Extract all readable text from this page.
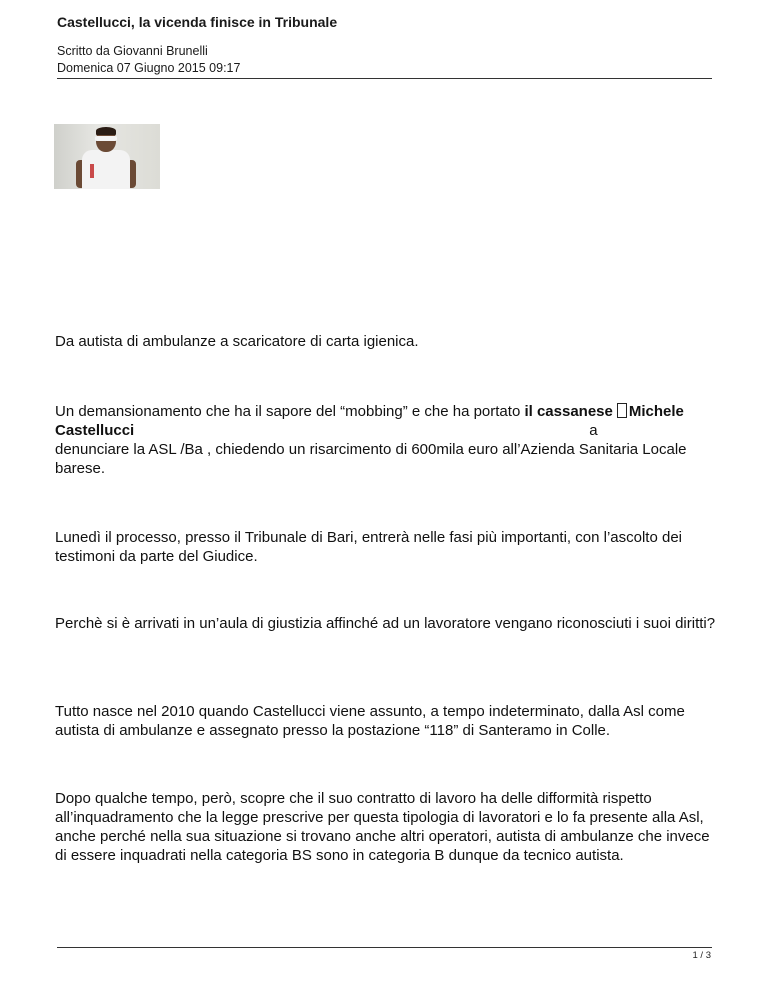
Castellucci, la vicenda finisce in Tribunale
Scritto da Giovanni Brunelli
Domenica 07 Giugno 2015 09:17

Da autista di ambulanze a scaricatore di carta igienica.

Un demansionamento che ha il sapore del “mobbing” e che ha portato il cassanese Michele Castellucci	a
denunciare la ASL /Ba , chiedendo un risarcimento di 600mila euro all’Azienda Sanitaria Locale barese.

Lunedì il processo, presso il Tribunale di Bari, entrerà nelle fasi più importanti, con l’ascolto dei testimoni da parte del Giudice.

Perchè si è arrivati in un’aula di giustizia affinché ad un lavoratore vengano riconosciuti i suoi diritti?

Tutto nasce nel 2010 quando Castellucci viene assunto, a tempo indeterminato, dalla Asl come autista di ambulanze e assegnato presso la postazione “118” di Santeramo in Colle.

Dopo qualche tempo, però, scopre che il suo contratto di lavoro ha delle difformità rispetto all’inquadramento che la legge prescrive per questa tipologia di lavoratori e lo fa presente alla Asl, anche perché nella sua situazione si trovano anche altri operatori, autista di ambulanze che invece di essere inquadrati nella categoria BS sono in categoria B dunque da tecnico autista.

1 / 3
